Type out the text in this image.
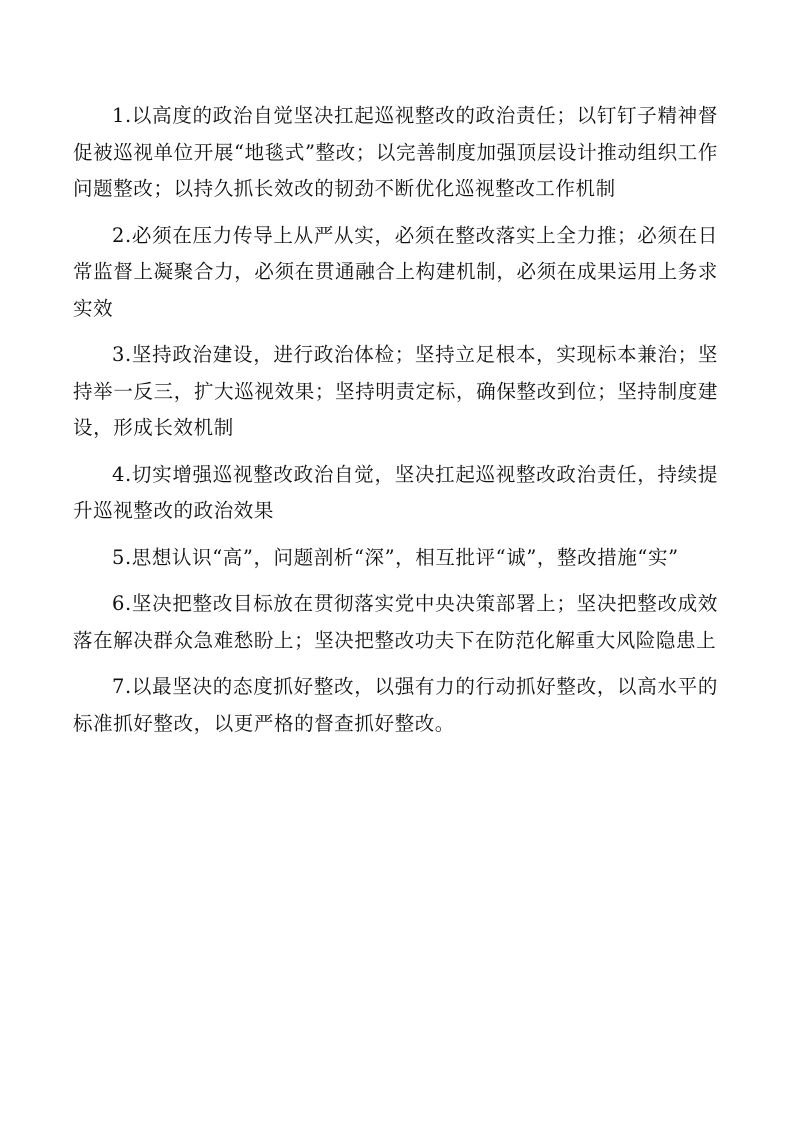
1.以高度的政治自觉坚决扛起巡视整改的政治责任；以钉钉子精神督促被巡视单位开展“地毯式”整改；以完善制度加强顶层设计推动组织工作问题整改；以持久抓长效改的韧劲不断优化巡视整改工作机制

2.必须在压力传导上从严从实，必须在整改落实上全力推；必须在日常监督上凝聚合力，必须在贯通融合上构建机制，必须在成果运用上务求实效

3.坚持政治建设，进行政治体检；坚持立足根本，实现标本兼治；坚持举一反三，扩大巡视效果；坚持明责定标，确保整改到位；坚持制度建设，形成长效机制

4.切实增强巡视整改政治自觉，坚决扛起巡视整改政治责任，持续提升巡视整改的政治效果

5.思想认识“高”，问题剖析“深”，相互批评“诚”，整改措施“实”

6.坚决把整改目标放在贯彻落实党中央决策部署上；坚决把整改成效落在解决群众急难愁盼上；坚决把整改功夫下在防范化解重大风险隐患上

7.以最坚决的态度抓好整改，以强有力的行动抓好整改，以高水平的标准抓好整改，以更严格的督查抓好整改。
